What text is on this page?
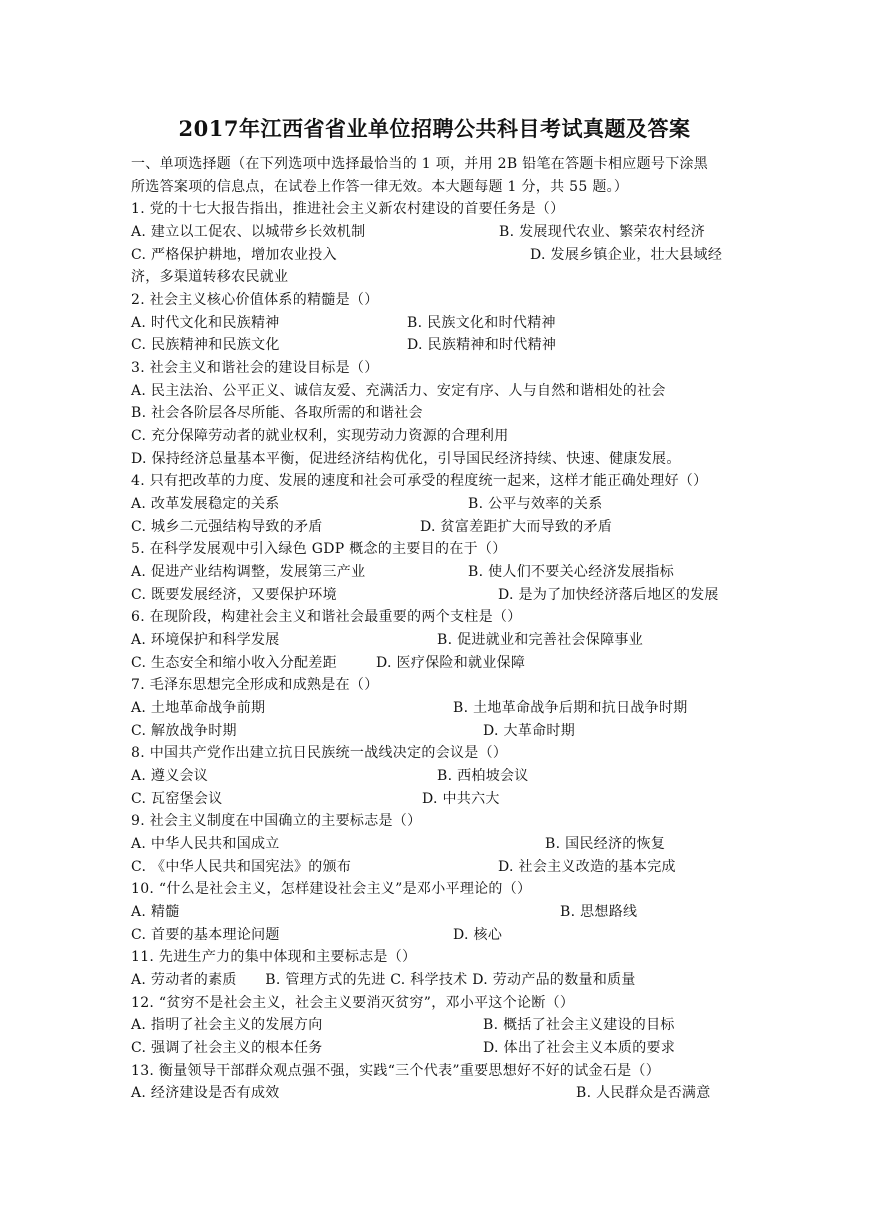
2017年江西省省业单位招聘公共科目考试真题及答案
一、单项选择题（在下列选项中选择最恰当的 1 项，并用 2B 铅笔在答题卡相应题号下涂黑
所选答案项的信息点，在试卷上作答一律无效。本大题每题 1 分，共 55 题。）
1. 党的十七大报告指出，推进社会主义新农村建设的首要任务是（）
A. 建立以工促农、以城带乡长效机制	B. 发展现代农业、繁荣农村经济
C. 严格保护耕地，增加农业投入	D. 发展乡镇企业，壮大县域经
济，多渠道转移农民就业
2. 社会主义核心价值体系的精髓是（）
A. 时代文化和民族精神	B. 民族文化和时代精神
C. 民族精神和民族文化	D. 民族精神和时代精神
3. 社会主义和谐社会的建设目标是（）
A. 民主法治、公平正义、诚信友爱、充满活力、安定有序、人与自然和谐相处的社会
B. 社会各阶层各尽所能、各取所需的和谐社会
C. 充分保障劳动者的就业权利，实现劳动力资源的合理利用
D. 保持经济总量基本平衡，促进经济结构优化，引导国民经济持续、快速、健康发展。
4. 只有把改革的力度、发展的速度和社会可承受的程度统一起来，这样才能正确处理好（）
A. 改革发展稳定的关系	B. 公平与效率的关系
C. 城乡二元强结构导致的矛盾	D. 贫富差距扩大而导致的矛盾
5. 在科学发展观中引入绿色 GDP 概念的主要目的在于（）
A. 促进产业结构调整，发展第三产业	B. 使人们不要关心经济发展指标
C. 既要发展经济，又要保护环境	D. 是为了加快经济落后地区的发展
6. 在现阶段，构建社会主义和谐社会最重要的两个支柱是（）
A. 环境保护和科学发展	B. 促进就业和完善社会保障事业
C. 生态安全和缩小收入分配差距	D. 医疗保险和就业保障
7. 毛泽东思想完全形成和成熟是在（）
A. 土地革命战争前期	B. 土地革命战争后期和抗日战争时期
C. 解放战争时期	D. 大革命时期
8. 中国共产党作出建立抗日民族统一战线决定的会议是（）
A. 遵义会议	B. 西柏坡会议
C. 瓦窑堡会议	D. 中共六大
9. 社会主义制度在中国确立的主要标志是（）
A. 中华人民共和国成立	B. 国民经济的恢复
C. 《中华人民共和国宪法》的颁布	D. 社会主义改造的基本完成
10. “什么是社会主义，怎样建设社会主义”是邓小平理论的（）
A. 精髓	B. 思想路线
C. 首要的基本理论问题	D. 核心
11. 先进生产力的集中体现和主要标志是（）
A. 劳动者的素质　　B. 管理方式的先进 C. 科学技术 D. 劳动产品的数量和质量
12. “贫穷不是社会主义，社会主义要消灭贫穷”，邓小平这个论断（）
A. 指明了社会主义的发展方向	B. 概括了社会主义建设的目标
C. 强调了社会主义的根本任务	D. 体出了社会主义本质的要求
13. 衡量领导干部群众观点强不强，实践“三个代表”重要思想好不好的试金石是（）
A. 经济建设是否有成效	B. 人民群众是否满意
